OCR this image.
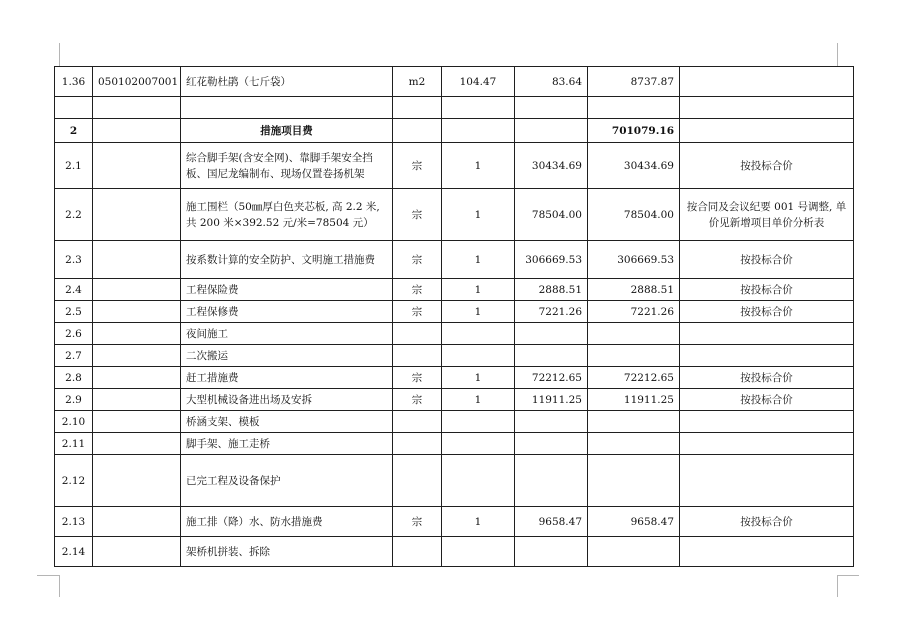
1.36	050102007001	红花勒杜鹃（七斤袋）	m2	104.47	83.64	8737.87	

2		措施项目费				701079.16	
2.1		综合脚手架(含安全网)、靠脚手架安全挡板、国尼龙编制布、现场仅置卷扬机架	宗	1	30434.69	30434.69	按投标合价
2.2		施工围栏（50㎜厚白色夹芯板, 高 2.2 米, 共 200 米×392.52 元/米=78504 元）	宗	1	78504.00	78504.00	按合同及会议纪要 001 号调整, 单价见新增项目单价分析表
2.3		按系数计算的安全防护、文明施工措施费	宗	1	306669.53	306669.53	按投标合价
2.4		工程保险费	宗	1	2888.51	2888.51	按投标合价
2.5		工程保修费	宗	1	7221.26	7221.26	按投标合价
2.6		夜间施工					
2.7		二次搬运					
2.8		赶工措施费	宗	1	72212.65	72212.65	按投标合价
2.9		大型机械设备进出场及安拆	宗	1	11911.25	11911.25	按投标合价
2.10		桥涵支架、模板					
2.11		脚手架、施工走桥					
2.12		已完工程及设备保护					
2.13		施工排（降）水、防水措施费	宗	1	9658.47	9658.47	按投标合价
2.14		架桥机拼装、拆除					
